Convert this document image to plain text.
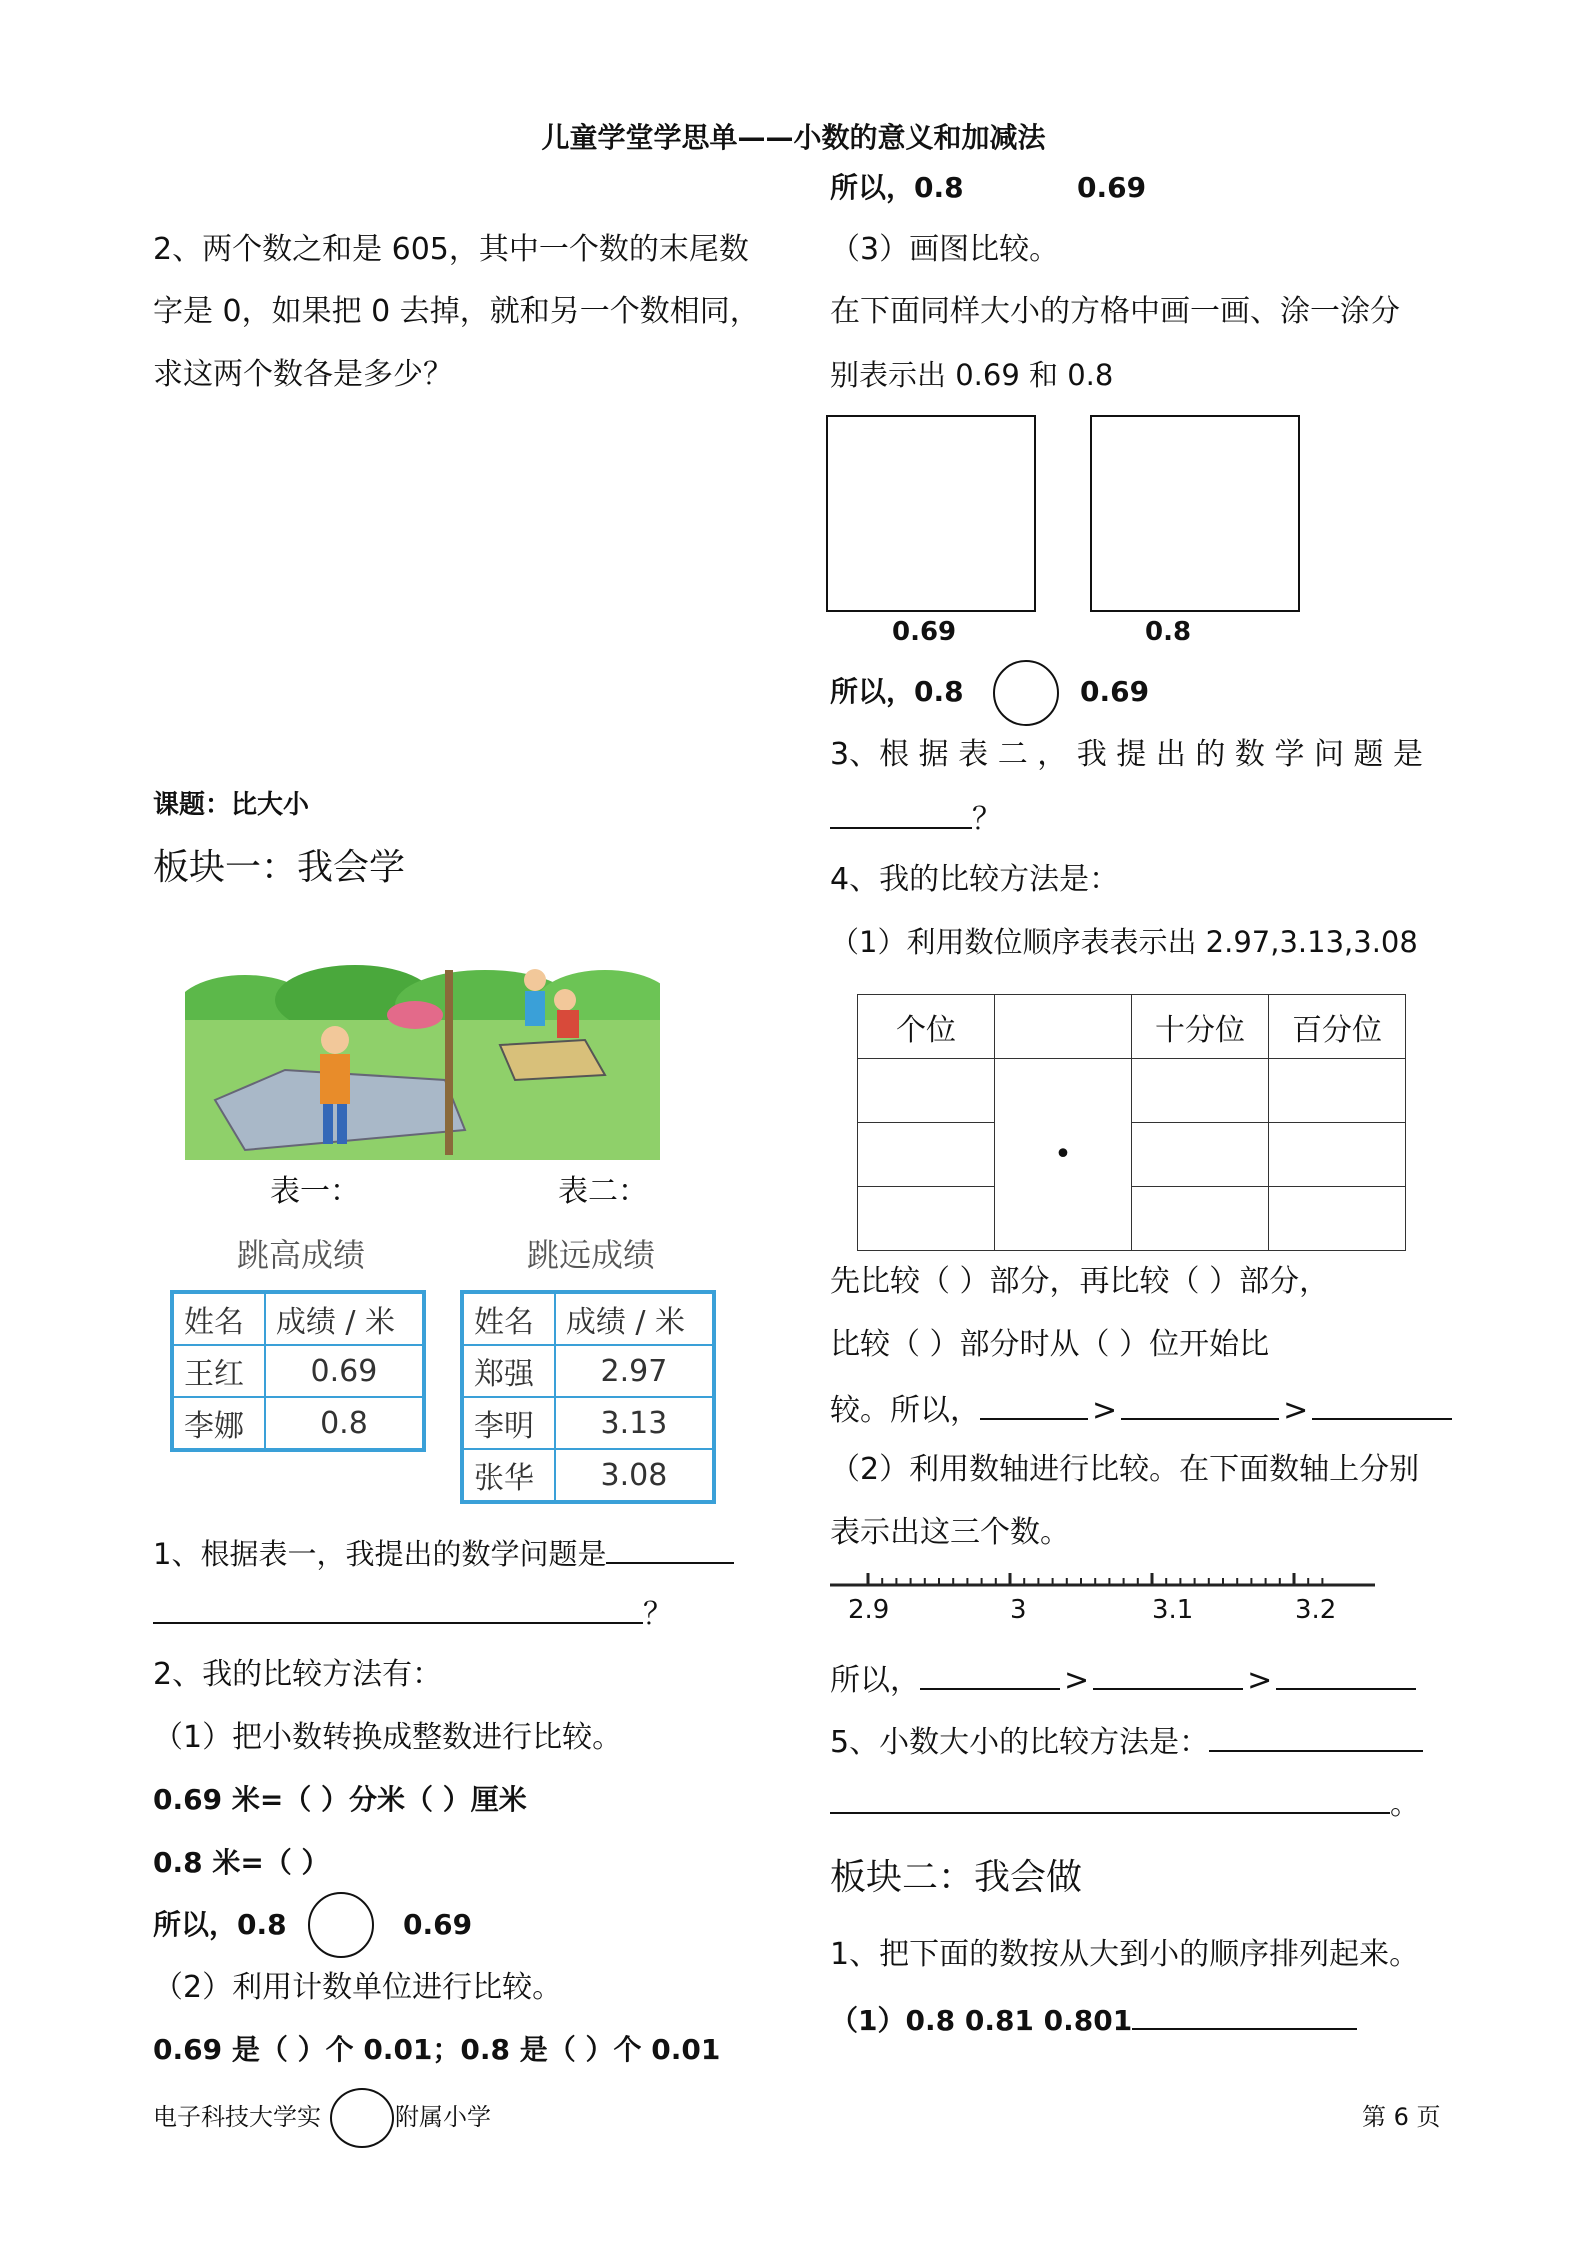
儿童学堂学思单——小数的意义和加减法
2、两个数之和是 605，其中一个数的末尾数
字是 0，如果把 0 去掉，就和另一个数相同，
求这两个数各是多少？
课题：比大小
板块一：我会学
表一：	表二：
跳高成绩	跳远成绩
姓名	成绩 / 米
王红	0.69
李娜	0.8
姓名	成绩 / 米
郑强	2.97
李明	3.13
张华	3.08
1、根据表一，我提出的数学问题是
？
2、我的比较方法有：
（1）把小数转换成整数进行比较。
0.69 米=（ ）分米（ ）厘米
0.8 米=（ ）
所以，0.8	0.69
（2）利用计数单位进行比较。
0.69 是（ ）个 0.01；0.8 是（ ）个 0.01
所以，0.8	0.69
（3）画图比较。
在下面同样大小的方格中画一画、涂一涂分
别表示出 0.69 和 0.8
0.69	0.8
所以，0.8	0.69
3、根 据 表 二 ， 我 提 出 的 数 学 问 题 是
？
4、我的比较方法是：
（1）利用数位顺序表表示出 2.97,3.13,3.08
个位		十分位	百分位
	•		

先比较（ ）部分，再比较（ ）部分，
比较（ ）部分时从（ ）位开始比
较。所以，	>	>
（2）利用数轴进行比较。在下面数轴上分别
表示出这三个数。
2.9	3	3.1	3.2
所以，	>	>
5、小数大小的比较方法是：
。
板块二：我会做
1、把下面的数按从大到小的顺序排列起来。
（1）0.8 0.81 0.801
电子科技大学实	附属小学	第 6 页
